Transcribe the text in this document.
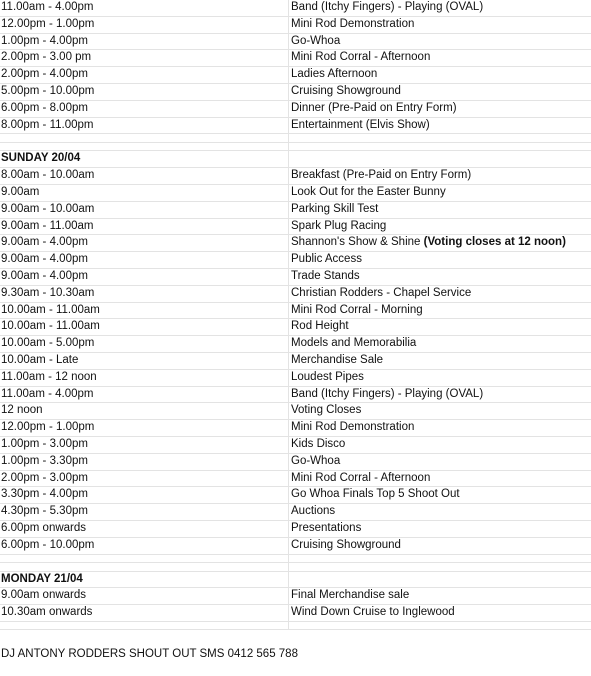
11.00am - 4.00pm	Band (Itchy Fingers) - Playing (OVAL)
12.00pm - 1.00pm	Mini Rod Demonstration
1.00pm - 4.00pm	Go-Whoa
2.00pm - 3.00 pm	Mini Rod Corral - Afternoon
2.00pm - 4.00pm	Ladies Afternoon
5.00pm - 10.00pm	Cruising Showground
6.00pm - 8.00pm	Dinner (Pre-Paid on Entry Form)
8.00pm - 11.00pm	Entertainment (Elvis Show)
SUNDAY 20/04
8.00am - 10.00am	Breakfast (Pre-Paid on Entry Form)
9.00am	Look Out for the Easter Bunny
9.00am - 10.00am	Parking Skill Test
9.00am - 11.00am	Spark Plug Racing
9.00am - 4.00pm	Shannon's Show & Shine (Voting closes at 12 noon)
9.00am - 4.00pm	Public Access
9.00am - 4.00pm	Trade Stands
9.30am - 10.30am	Christian Rodders - Chapel Service
10.00am - 11.00am	Mini Rod Corral - Morning
10.00am - 11.00am	Rod Height
10.00am - 5.00pm	Models and Memorabilia
10.00am - Late	Merchandise Sale
11.00am - 12 noon	Loudest Pipes
11.00am - 4.00pm	Band (Itchy Fingers) - Playing (OVAL)
12 noon	Voting Closes
12.00pm - 1.00pm	Mini Rod Demonstration
1.00pm - 3.00pm	Kids Disco
1.00pm - 3.30pm	Go-Whoa
2.00pm - 3.00pm	Mini Rod Corral - Afternoon
3.30pm - 4.00pm	Go Whoa Finals Top 5 Shoot Out
4.30pm - 5.30pm	Auctions
6.00pm onwards	Presentations
6.00pm - 10.00pm	Cruising Showground
MONDAY 21/04
9.00am onwards	Final Merchandise sale
10.30am onwards	Wind Down Cruise to Inglewood
DJ ANTONY RODDERS SHOUT OUT SMS 0412 565 788
